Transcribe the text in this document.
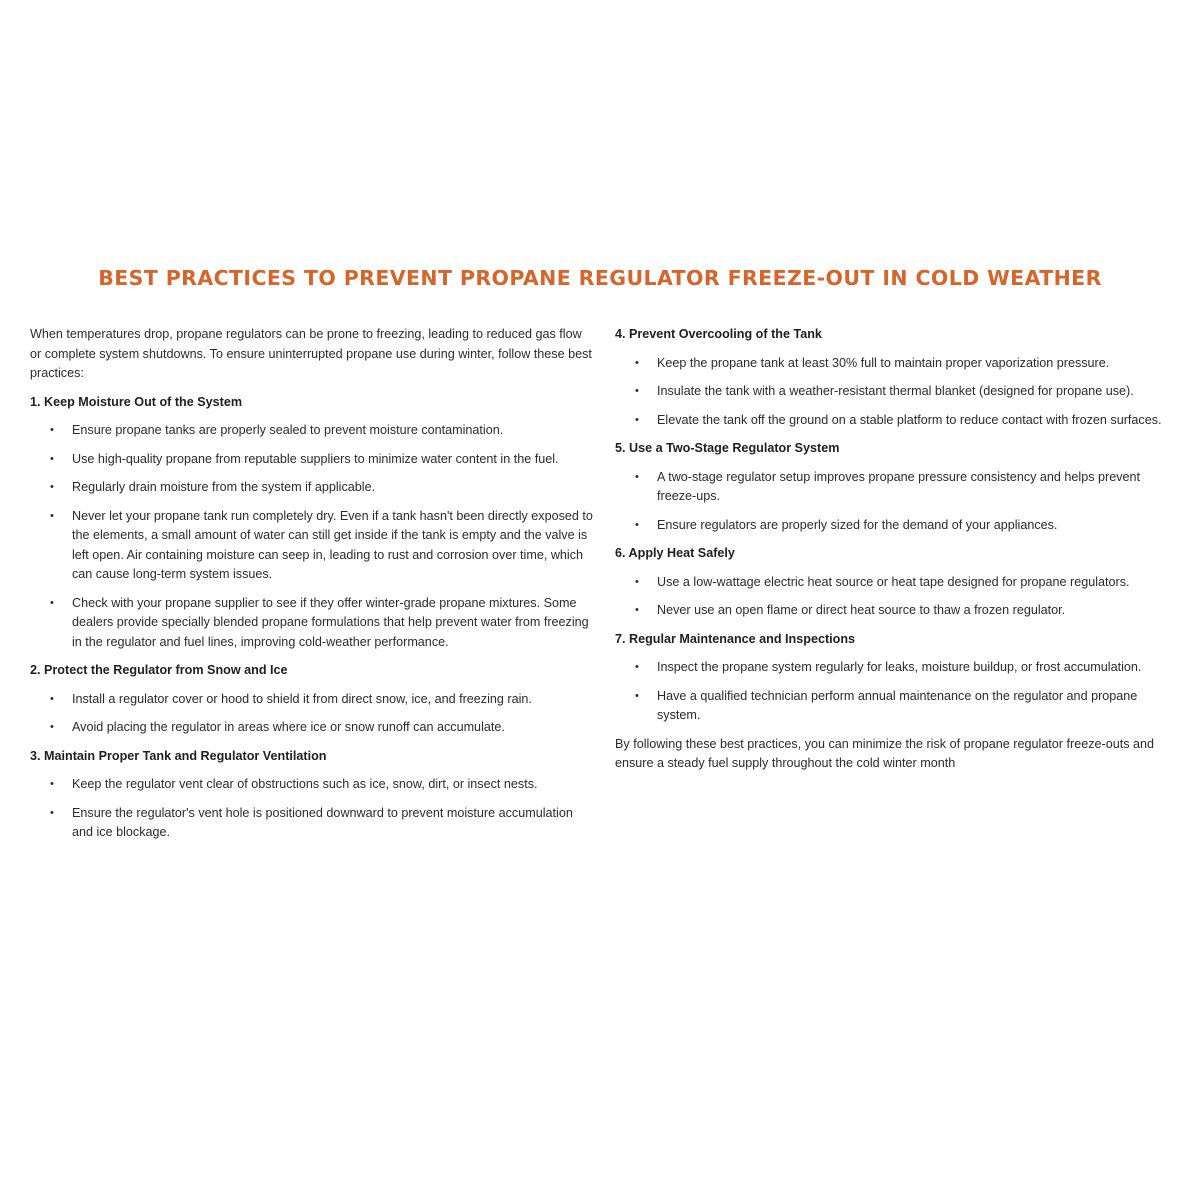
BEST PRACTICES TO PREVENT PROPANE REGULATOR FREEZE-OUT IN COLD WEATHER

When temperatures drop, propane regulators can be prone to freezing, leading to reduced gas flow or complete system shutdowns. To ensure uninterrupted propane use during winter, follow these best practices:

1. Keep Moisture Out of the System
• Ensure propane tanks are properly sealed to prevent moisture contamination.
• Use high-quality propane from reputable suppliers to minimize water content in the fuel.
• Regularly drain moisture from the system if applicable.
• Never let your propane tank run completely dry. Even if a tank hasn't been directly exposed to the elements, a small amount of water can still get inside if the tank is empty and the valve is left open. Air containing moisture can seep in, leading to rust and corrosion over time, which can cause long-term system issues.
• Check with your propane supplier to see if they offer winter-grade propane mixtures. Some dealers provide specially blended propane formulations that help prevent water from freezing in the regulator and fuel lines, improving cold-weather performance.
2. Protect the Regulator from Snow and Ice
• Install a regulator cover or hood to shield it from direct snow, ice, and freezing rain.
• Avoid placing the regulator in areas where ice or snow runoff can accumulate.
3. Maintain Proper Tank and Regulator Ventilation
• Keep the regulator vent clear of obstructions such as ice, snow, dirt, or insect nests.
• Ensure the regulator's vent hole is positioned downward to prevent moisture accumulation and ice blockage.
4. Prevent Overcooling of the Tank
• Keep the propane tank at least 30% full to maintain proper vaporization pressure.
• Insulate the tank with a weather-resistant thermal blanket (designed for propane use).
• Elevate the tank off the ground on a stable platform to reduce contact with frozen surfaces.
5. Use a Two-Stage Regulator System
• A two-stage regulator setup improves propane pressure consistency and helps prevent freeze-ups.
• Ensure regulators are properly sized for the demand of your appliances.
6. Apply Heat Safely
• Use a low-wattage electric heat source or heat tape designed for propane regulators.
• Never use an open flame or direct heat source to thaw a frozen regulator.
7. Regular Maintenance and Inspections
• Inspect the propane system regularly for leaks, moisture buildup, or frost accumulation.
• Have a qualified technician perform annual maintenance on the regulator and propane system.

By following these best practices, you can minimize the risk of propane regulator freeze-outs and ensure a steady fuel supply throughout the cold winter month
